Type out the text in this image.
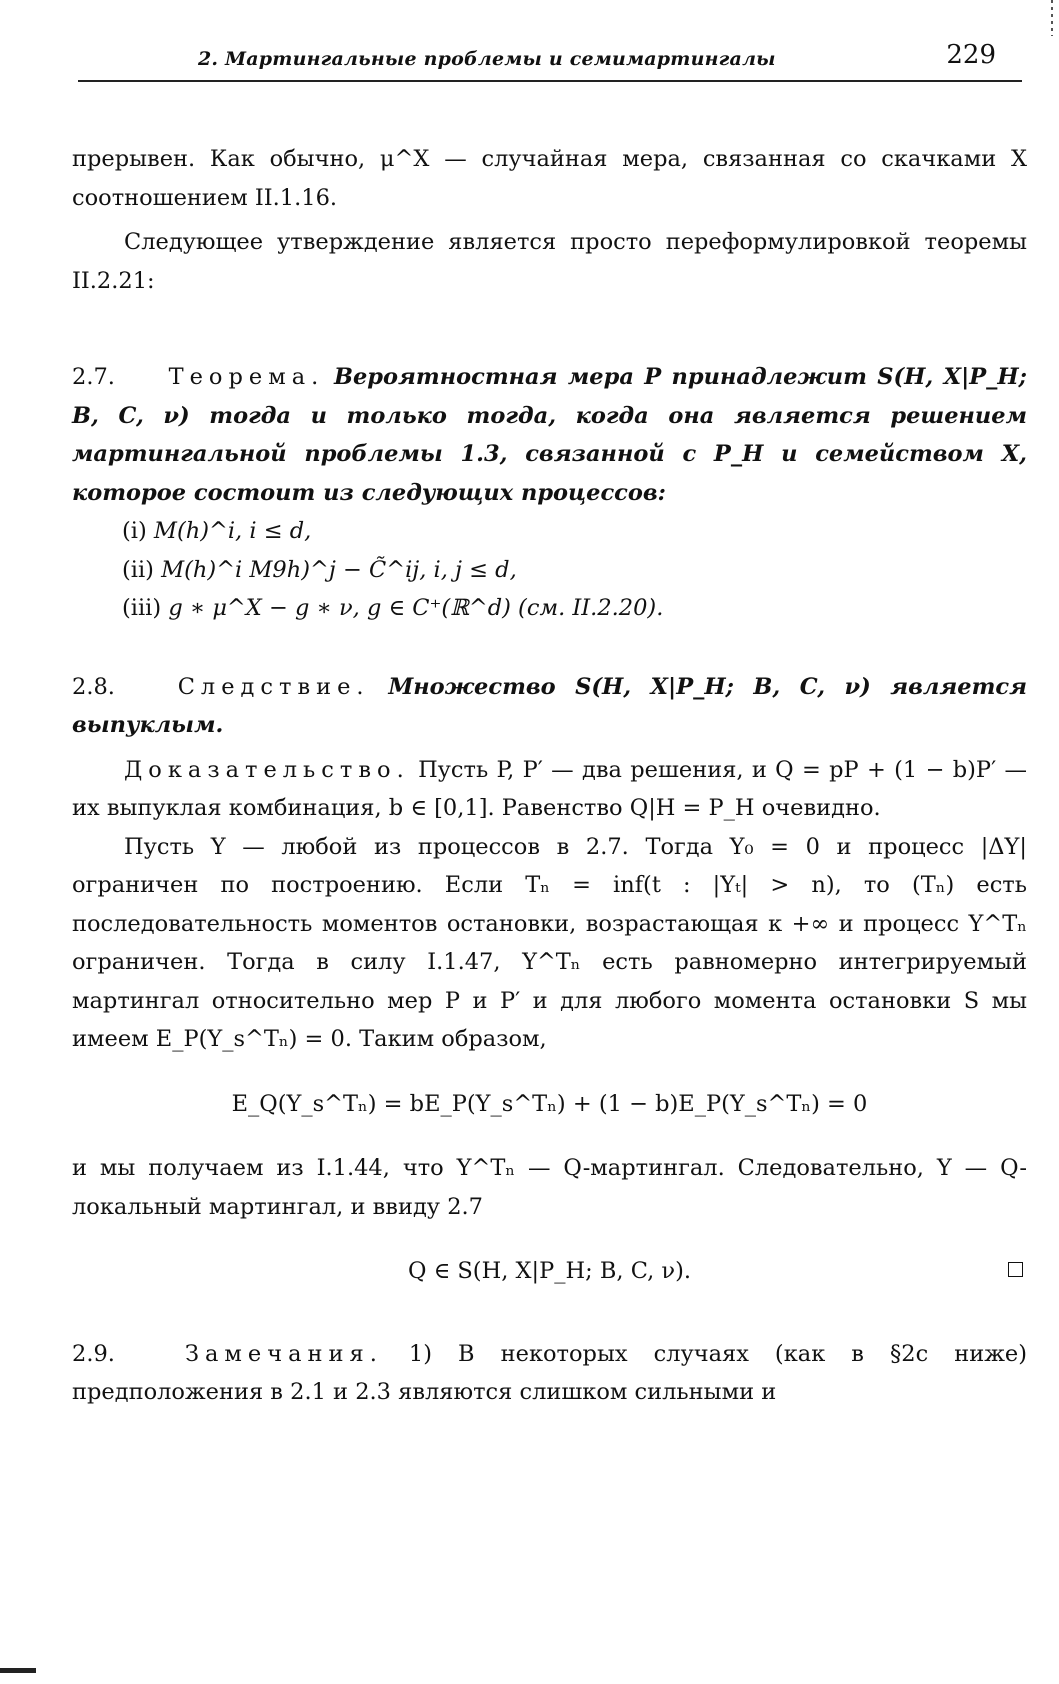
2. Мартингальные проблемы и семимартингалы	229

прерывен. Как обычно, μ^X — случайная мера, связанная со скачками X соотношением II.1.16.

Следующее утверждение является просто переформулировкой теоремы II.2.21:

2.7. Теорема. Вероятностная мера P принадлежит S(H, X|P_H; B, C, ν) тогда и только тогда, когда она является решением мартингальной проблемы 1.3, связанной с P_H и семейством X, которое состоит из следующих процессов:

(i) M(h)^i, i ≤ d,

(ii) M(h)^i M9h)^j − C̃^ij, i, j ≤ d,

(iii) g ∗ μ^X − g ∗ ν, g ∈ C⁺(ℝ^d) (см. II.2.20).

2.8.	Следствие. Множество S(H, X|P_H; B, C, ν) является выпуклым.

Доказательство. Пусть P, P′ — два решения, и Q = pP + (1 − b)P′ — их выпуклая комбинация, b ∈ [0,1]. Равенство Q|H = P_H очевидно.

Пусть Y — любой из процессов в 2.7. Тогда Y₀ = 0 и процесс |ΔY| ограничен по построению. Если Tₙ = inf(t : |Yₜ| > n), то (Tₙ) есть последовательность моментов остановки, возрастающая к +∞ и процесс Y^Tₙ ограничен. Тогда в силу I.1.47, Y^Tₙ есть равномерно интегрируемый мартингал относительно мер P и P′ и для любого момента остановки S мы имеем E_P(Y_s^Tₙ) = 0. Таким образом,

E_Q(Y_s^Tₙ) = bE_P(Y_s^Tₙ) + (1 − b)E_P(Y_s^Tₙ) = 0

и мы получаем из I.1.44, что Y^Tₙ — Q-мартингал. Следовательно, Y — Q-локальный мартингал, и ввиду 2.7

Q ∈ S(H, X|P_H; B, C, ν).

2.9.	Замечания. 1) В некоторых случаях (как в §2c ниже) предположения в 2.1 и 2.3 являются слишком сильными и
